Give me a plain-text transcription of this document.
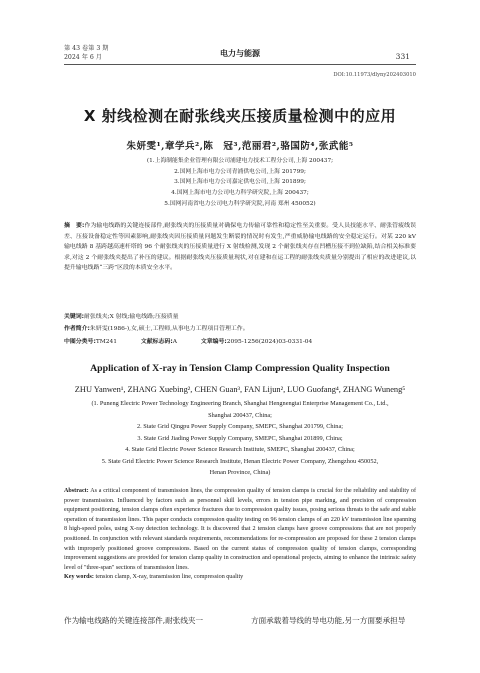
第 43 卷第 3 期
2024 年 6 月	电力与能源	331
DOI:10.11973/dlyny202403010
X 射线检测在耐张线夹压接质量检测中的应用
朱妍雯¹,章学兵²,陈　冠³,范丽君²,骆国防⁴,张武能⁵
(1.上海制能集企业管理有限公司浦建电力技术工程分公司,上海 200437;
2.国网上海市电力公司青浦供电公司,上海 201799;
3.国网上海市电力公司嘉定供电公司,上海 201899;
4.国网上海市电力公司电力科学研究院,上海 200437;
5.国网河南省电力公司电力科学研究院,河南 郑州 450052)
摘　要:作为输电线路的关键连接部件,耐张线夹的压接质量对确保电力传输可靠性和稳定性至关重要。受人员技能水平、耐张管疲线误差、压接设备稳定性等因素影响,耐张线夹因压接质量问题发生断裂的情况时有发生,严重威胁输电线路的安全稳定运行。对某 220 kV 输电线路 8 基跨越高速杆塔的 96 个耐张线夹的压接质量进行 X 射线检测,发现 2 个耐张线夹存在凹槽压接不到位缺陷,结合相关标准要求,对这 2 个耐张线夹提出了补压的建议。根据耐张线夹压接质量现状,对在建和在运工程的耐张线夹质量分别提出了相应的改进建议,以提升输电线路“三跨”区段的本质安全水平。
关键词:耐张线夹;X 射线;输电线路;压接质量
作者简介:朱妍雯(1986-),女,硕士,工程师,从事电力工程项目管理工作。
中图分类号:TM241	文献标志码:A	文章编号:2095-1256(2024)03-0331-04
Application of X-ray in Tension Clamp Compression Quality Inspection
ZHU Yanwen¹, ZHANG Xuebing², CHEN Guan³, FAN Lijun², LUO Guofang⁴, ZHANG Wuneng⁵
(1. Puneng Electric Power Technology Engineering Branch, Shanghai Hengnengtai Enterprise Management Co., Ltd.,
Shanghai 200437, China;
2. State Grid Qingpu Power Supply Company, SMEPC, Shanghai 201799, China;
3. State Grid Jiading Power Supply Company, SMEPC, Shanghai 201899, China;
4. State Grid Electric Power Science Research Institute, SMEPC, Shanghai 200437, China;
5. State Grid Electric Power Science Research Institute, Henan Electric Power Company, Zhengzhou 450052,
Henan Province, China)
Abstract: As a critical component of transmission lines, the compression quality of tension clamps is crucial for the reliability and stability of power transmission. Influenced by factors such as personnel skill levels, errors in tension pipe marking, and precision of compression equipment positioning, tension clamps often experience fractures due to compression quality issues, posing serious threats to the safe and stable operation of transmission lines. This paper conducts compression quality testing on 96 tension clamps of an 220 kV transmission line spanning 8 high-speed poles, using X-ray detection technology. It is discovered that 2 tension clamps have groove compressions that are not properly positioned. In conjunction with relevant standards requirements, recommendations for re-compression are proposed for these 2 tension clamps with improperly positioned groove compressions. Based on the current status of compression quality of tension clamps, corresponding improvement suggestions are provided for tension clamp quality in construction and operational projects, aiming to enhance the intrinsic safety level of "three-span" sections of transmission lines.
Key words: tension clamp, X-ray, transmission line, compression quality
作为输电线路的关键连接部件,耐张线夹一	方面承载着导线的导电功能,另一方面要承担导
